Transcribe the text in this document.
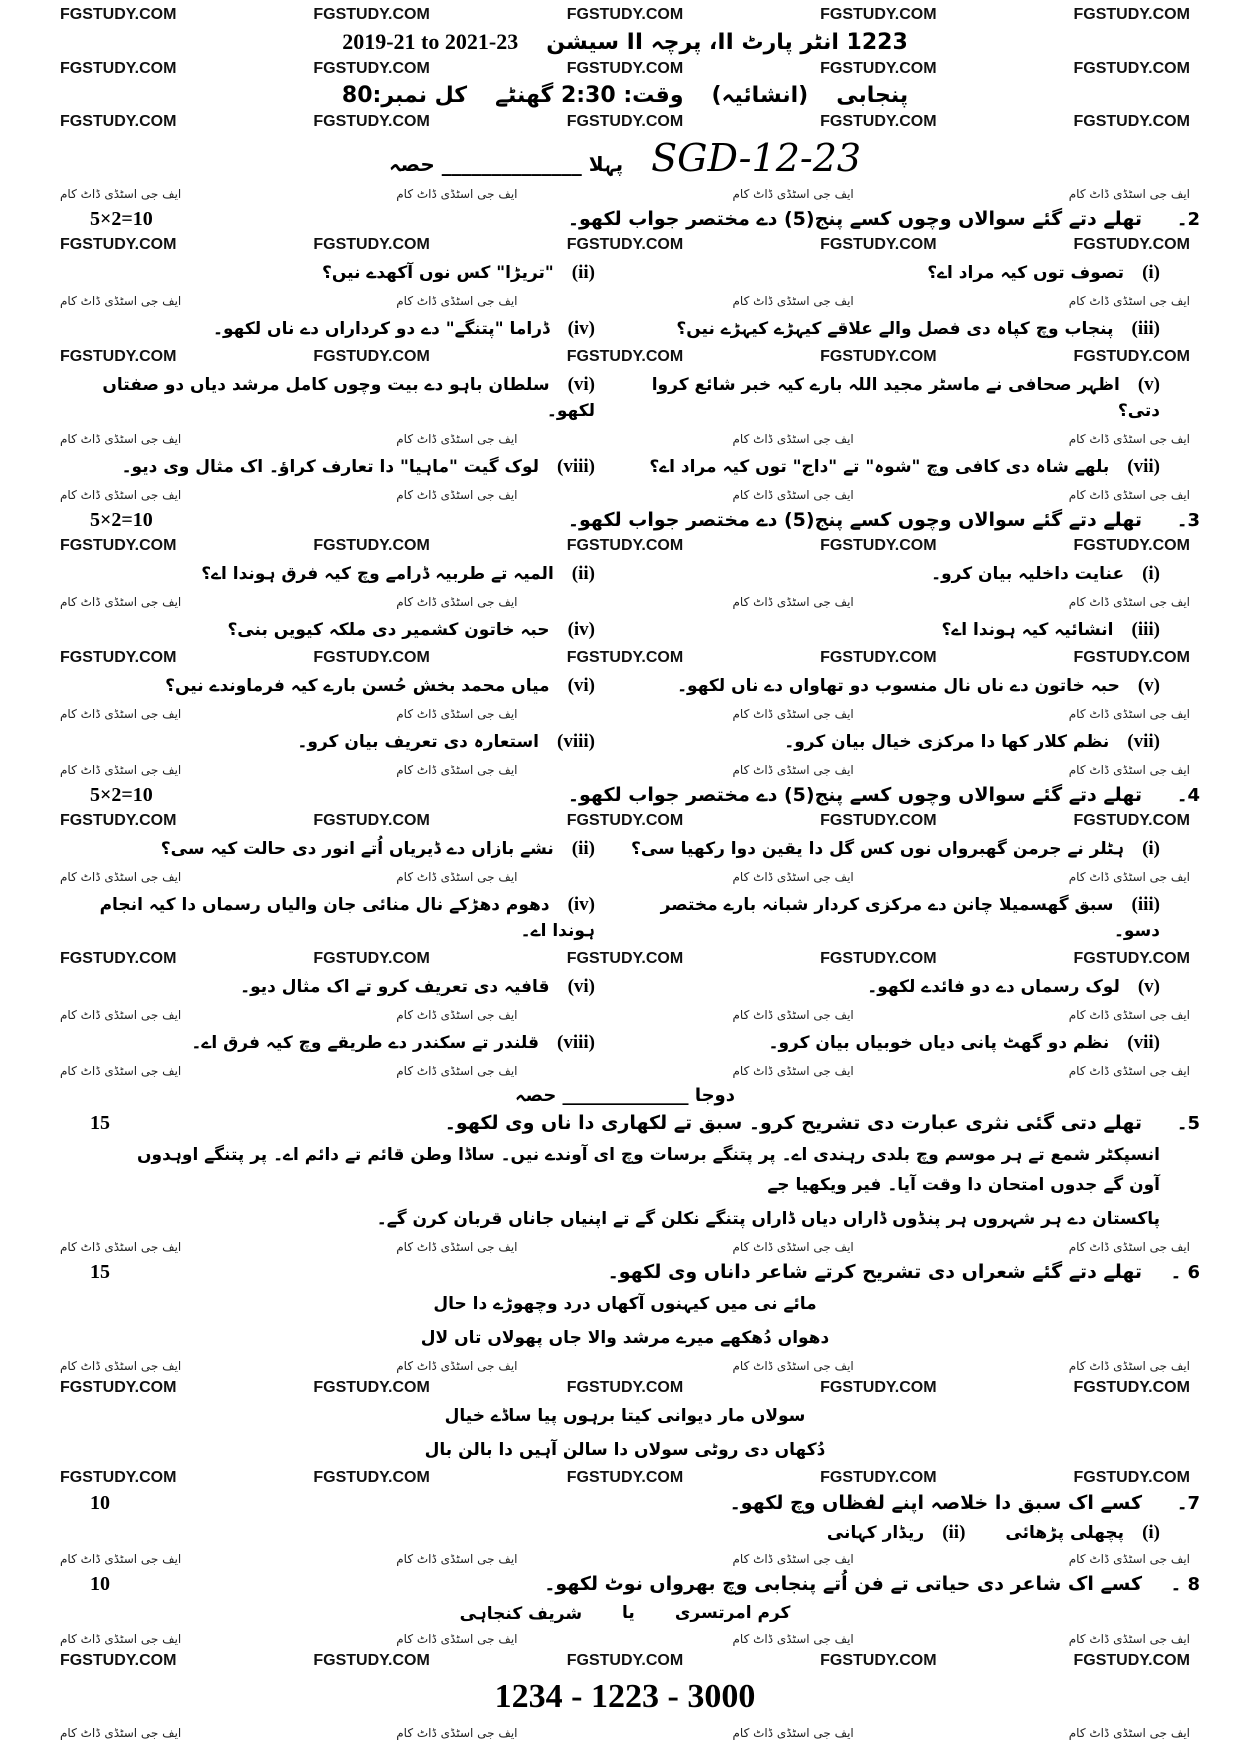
FGSTUDY.COM	FGSTUDY.COM	FGSTUDY.COM	FGSTUDY.COM	FGSTUDY.COM
1223 انٹر پارٹ II، پرچہ II سیشن
2019-21 to 2021-23
FGSTUDY.COM	FGSTUDY.COM	FGSTUDY.COM	FGSTUDY.COM	FGSTUDY.COM
پنجابی
(انشائیہ)
وقت: 2:30 گھنٹے
کل نمبر:80
FGSTUDY.COM	FGSTUDY.COM	FGSTUDY.COM	FGSTUDY.COM	FGSTUDY.COM
SGD-12-23
پہلا ______________ حصہ
ایف جی اسٹڈی ڈاٹ کام	ایف جی اسٹڈی ڈاٹ کام	ایف جی اسٹڈی ڈاٹ کام	ایف جی اسٹڈی ڈاٹ کام
2۔
تھلے دتے گئے سوالاں وچوں کسے پنج(5) دے مختصر جواب لکھو۔
5×2=10
FGSTUDY.COM	FGSTUDY.COM	FGSTUDY.COM	FGSTUDY.COM	FGSTUDY.COM
(i)تصوف توں کیہ مراد اے؟
(ii)"تریڑا" کس نوں آکھدے نیں؟
ایف جی اسٹڈی ڈاٹ کام	ایف جی اسٹڈی ڈاٹ کام	ایف جی اسٹڈی ڈاٹ کام	ایف جی اسٹڈی ڈاٹ کام
(iii)پنجاب وچ کپاہ دی فصل والے علاقے کیہڑے کیہڑے نیں؟
(iv)ڈراما "پتنگے" دے دو کرداراں دے ناں لکھو۔
FGSTUDY.COM	FGSTUDY.COM	FGSTUDY.COM	FGSTUDY.COM	FGSTUDY.COM
(v)اظہر صحافی نے ماسٹر مجید اللہ بارے کیہ خبر شائع کروا دتی؟
(vi)سلطان باہو دے بیت وچوں کامل مرشد دیاں دو صفتاں لکھو۔
ایف جی اسٹڈی ڈاٹ کام	ایف جی اسٹڈی ڈاٹ کام	ایف جی اسٹڈی ڈاٹ کام	ایف جی اسٹڈی ڈاٹ کام
(vii)بلھے شاہ دی کافی وچ "شوہ" تے "داج" توں کیہ مراد اے؟
(viii)لوک گیت "ماہیا" دا تعارف کراؤ۔ اک مثال وی دیو۔
ایف جی اسٹڈی ڈاٹ کام	ایف جی اسٹڈی ڈاٹ کام	ایف جی اسٹڈی ڈاٹ کام	ایف جی اسٹڈی ڈاٹ کام
3۔
تھلے دتے گئے سوالاں وچوں کسے پنج(5) دے مختصر جواب لکھو۔
5×2=10
FGSTUDY.COM	FGSTUDY.COM	FGSTUDY.COM	FGSTUDY.COM	FGSTUDY.COM
(i)عنایت داخلیہ بیان کرو۔
(ii)المیہ تے طربیہ ڈرامے وچ کیہ فرق ہوندا اے؟
ایف جی اسٹڈی ڈاٹ کام	ایف جی اسٹڈی ڈاٹ کام	ایف جی اسٹڈی ڈاٹ کام	ایف جی اسٹڈی ڈاٹ کام
(iii)انشائیہ کیہ ہوندا اے؟
(iv)حبہ خاتون کشمیر دی ملکہ کیویں بنی؟
FGSTUDY.COM	FGSTUDY.COM	FGSTUDY.COM	FGSTUDY.COM	FGSTUDY.COM
(v)حبہ خاتون دے ناں نال منسوب دو تھاواں دے ناں لکھو۔
(vi)میاں محمد بخش حُسن بارے کیہ فرماوندے نیں؟
ایف جی اسٹڈی ڈاٹ کام	ایف جی اسٹڈی ڈاٹ کام	ایف جی اسٹڈی ڈاٹ کام	ایف جی اسٹڈی ڈاٹ کام
(vii)نظم کلار کھا دا مرکزی خیال بیان کرو۔
(viii)استعارہ دی تعریف بیان کرو۔
ایف جی اسٹڈی ڈاٹ کام	ایف جی اسٹڈی ڈاٹ کام	ایف جی اسٹڈی ڈاٹ کام	ایف جی اسٹڈی ڈاٹ کام
4۔
تھلے دتے گئے سوالاں وچوں کسے پنج(5) دے مختصر جواب لکھو۔
5×2=10
FGSTUDY.COM	FGSTUDY.COM	FGSTUDY.COM	FGSTUDY.COM	FGSTUDY.COM
(i)ہٹلر نے جرمن گھبرواں نوں کس گل دا یقین دوا رکھیا سی؟
(ii)نشے بازاں دے ڈیریاں اُتے انور دی حالت کیہ سی؟
ایف جی اسٹڈی ڈاٹ کام	ایف جی اسٹڈی ڈاٹ کام	ایف جی اسٹڈی ڈاٹ کام	ایف جی اسٹڈی ڈاٹ کام
(iii)سبق گھسمیلا چانن دے مرکزی کردار شبانہ بارے مختصر دسو۔
(iv)دھوم دھڑکے نال منائی جان والیاں رسماں دا کیہ انجام ہوندا اے۔
FGSTUDY.COM	FGSTUDY.COM	FGSTUDY.COM	FGSTUDY.COM	FGSTUDY.COM
(v)لوک رسماں دے دو فائدے لکھو۔
(vi)قافیہ دی تعریف کرو تے اک مثال دیو۔
ایف جی اسٹڈی ڈاٹ کام	ایف جی اسٹڈی ڈاٹ کام	ایف جی اسٹڈی ڈاٹ کام	ایف جی اسٹڈی ڈاٹ کام
(vii)نظم دو گھٹ پانی دیاں خوبیاں بیان کرو۔
(viii)قلندر تے سکندر دے طریقے وچ کیہ فرق اے۔
ایف جی اسٹڈی ڈاٹ کام	ایف جی اسٹڈی ڈاٹ کام	ایف جی اسٹڈی ڈاٹ کام	ایف جی اسٹڈی ڈاٹ کام
دوجا ______________ حصہ
5۔
تھلے دتی گئی نثری عبارت دی تشریح کرو۔ سبق تے لکھاری دا ناں وی لکھو۔
15
انسپکٹر شمع تے ہر موسم وچ بلدی رہندی اے۔ پر پتنگے برسات وچ ای آوندے نیں۔ ساڈا وطن قائم تے دائم اے۔ پر پتنگے اوہدوں آون گے جدوں امتحان دا وقت آیا۔ فیر ویکھیا جے
پاکستان دے ہر شہروں ہر پنڈوں ڈاراں دیاں ڈاراں پتنگے نکلن گے تے اپنیاں جاناں قربان کرن گے۔
ایف جی اسٹڈی ڈاٹ کام	ایف جی اسٹڈی ڈاٹ کام	ایف جی اسٹڈی ڈاٹ کام	ایف جی اسٹڈی ڈاٹ کام
6 ۔
تھلے دتے گئے شعراں دی تشریح کرتے شاعر داناں وی لکھو۔
15
مائے نی میں کیہنوں آکھاں درد وچھوڑے دا حال
دھواں دُھکھے میرے مرشد والا جاں پھولاں تاں لال
ایف جی اسٹڈی ڈاٹ کام	ایف جی اسٹڈی ڈاٹ کام	ایف جی اسٹڈی ڈاٹ کام	ایف جی اسٹڈی ڈاٹ کام
FGSTUDY.COM	FGSTUDY.COM	FGSTUDY.COM	FGSTUDY.COM	FGSTUDY.COM
سولاں مار دیوانی کیتا برہوں پیا ساڈے خیال
دُکھاں دی روٹی سولاں دا سالن آہیں دا بالن بال
FGSTUDY.COM	FGSTUDY.COM	FGSTUDY.COM	FGSTUDY.COM	FGSTUDY.COM
7۔
کسے اک سبق دا خلاصہ اپنے لفظاں وچ لکھو۔
10
(i)پچھلی پڑھائی
(ii)ریڈار کہانی
ایف جی اسٹڈی ڈاٹ کام	ایف جی اسٹڈی ڈاٹ کام	ایف جی اسٹڈی ڈاٹ کام	ایف جی اسٹڈی ڈاٹ کام
8 ۔
کسے اک شاعر دی حیاتی تے فن اُتے پنجابی وچ بھرواں نوٹ لکھو۔
10
کرم امرتسری
یا
شریف کنجاہی
ایف جی اسٹڈی ڈاٹ کام	ایف جی اسٹڈی ڈاٹ کام	ایف جی اسٹڈی ڈاٹ کام	ایف جی اسٹڈی ڈاٹ کام
FGSTUDY.COM	FGSTUDY.COM	FGSTUDY.COM	FGSTUDY.COM	FGSTUDY.COM
1234 - 1223 - 3000
ایف جی اسٹڈی ڈاٹ کام	ایف جی اسٹڈی ڈاٹ کام	ایف جی اسٹڈی ڈاٹ کام	ایف جی اسٹڈی ڈاٹ کام
